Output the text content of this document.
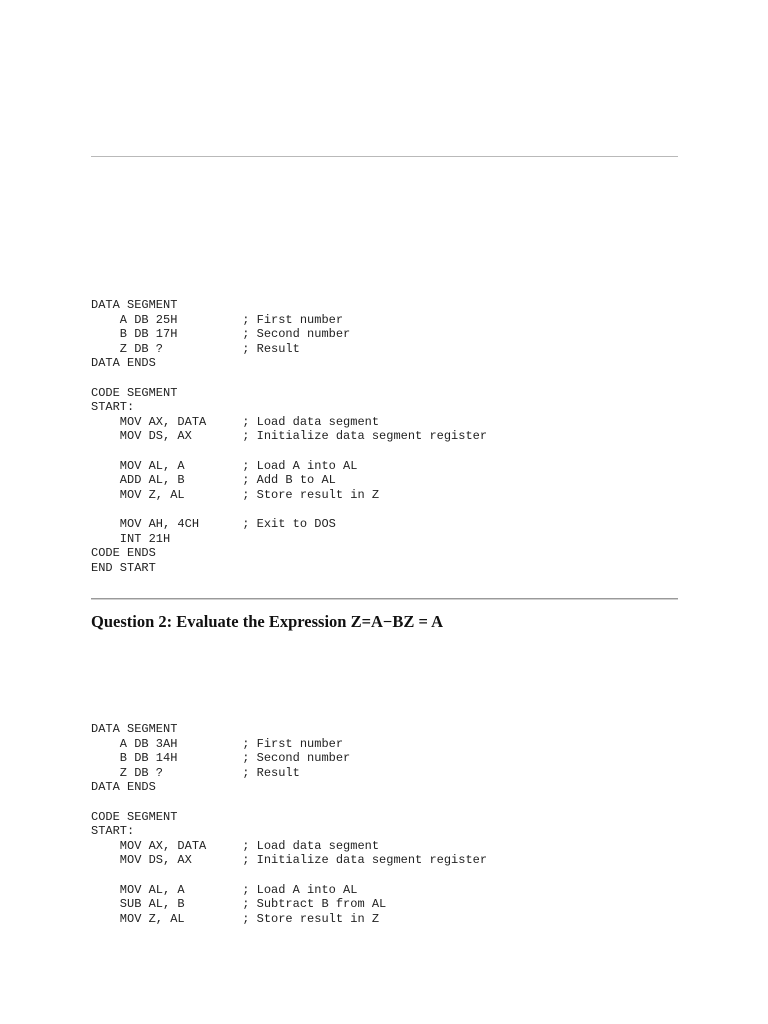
DATA SEGMENT
A DB 25H         ; First number
B DB 17H         ; Second number
Z DB ?           ; Result
DATA ENDS

CODE SEGMENT
START:
MOV AX, DATA     ; Load data segment
MOV DS, AX       ; Initialize data segment register

MOV AL, A        ; Load A into AL
ADD AL, B        ; Add B to AL
MOV Z, AL        ; Store result in Z

MOV AH, 4CH      ; Exit to DOS
INT 21H
CODE ENDS
END START
Question 2: Evaluate the Expression Z=A−BZ = A
DATA SEGMENT
A DB 3AH         ; First number
B DB 14H         ; Second number
Z DB ?           ; Result
DATA ENDS

CODE SEGMENT
START:
MOV AX, DATA     ; Load data segment
MOV DS, AX       ; Initialize data segment register

MOV AL, A        ; Load A into AL
SUB AL, B        ; Subtract B from AL
MOV Z, AL        ; Store result in Z
